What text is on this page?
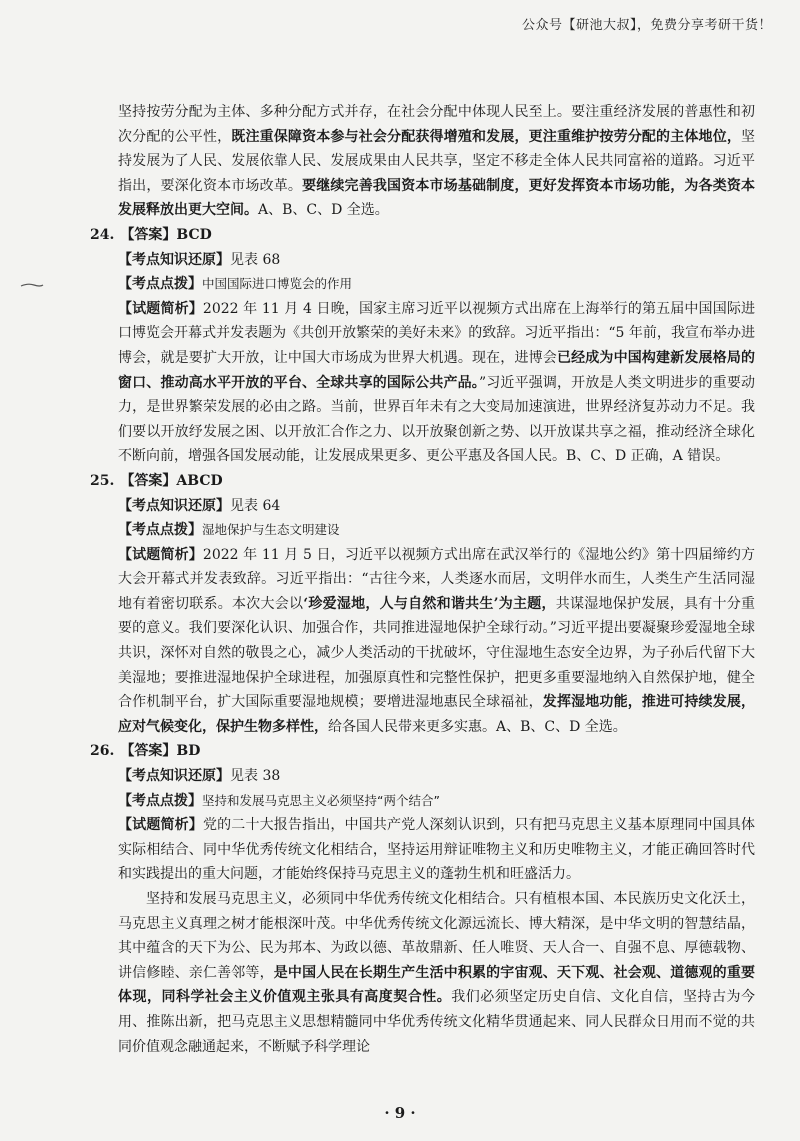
公众号【研池大叔】，免费分享考研干货！

坚持按劳分配为主体、多种分配方式并存，在社会分配中体现人民至上。要注重经济发展的普惠性和初次分配的公平性，既注重保障资本参与社会分配获得增殖和发展，更注重维护按劳分配的主体地位，坚持发展为了人民、发展依靠人民、发展成果由人民共享，坚定不移走全体人民共同富裕的道路。习近平指出，要深化资本市场改革。要继续完善我国资本市场基础制度，更好发挥资本市场功能，为各类资本发展释放出更大空间。A、B、C、D 全选。

24. 【答案】BCD

【考点知识还原】见表 68

【考点点拨】中国国际进口博览会的作用

【试题简析】2022 年 11 月 4 日晚，国家主席习近平以视频方式出席在上海举行的第五届中国国际进口博览会开幕式并发表题为《共创开放繁荣的美好未来》的致辞。习近平指出：“5 年前，我宣布举办进博会，就是要扩大开放，让中国大市场成为世界大机遇。现在，进博会已经成为中国构建新发展格局的窗口、推动高水平开放的平台、全球共享的国际公共产品。”习近平强调，开放是人类文明进步的重要动力，是世界繁荣发展的必由之路。当前，世界百年未有之大变局加速演进，世界经济复苏动力不足。我们要以开放纾发展之困、以开放汇合作之力、以开放聚创新之势、以开放谋共享之福，推动经济全球化不断向前，增强各国发展动能，让发展成果更多、更公平惠及各国人民。B、C、D 正确，A 错误。

25. 【答案】ABCD

【考点知识还原】见表 64

【考点点拨】湿地保护与生态文明建设

【试题简析】2022 年 11 月 5 日，习近平以视频方式出席在武汉举行的《湿地公约》第十四届缔约方大会开幕式并发表致辞。习近平指出：“古往今来，人类逐水而居，文明伴水而生，人类生产生活同湿地有着密切联系。本次大会以‘珍爱湿地，人与自然和谐共生’为主题，共谋湿地保护发展，具有十分重要的意义。我们要深化认识、加强合作，共同推进湿地保护全球行动。”习近平提出要凝聚珍爱湿地全球共识，深怀对自然的敬畏之心，减少人类活动的干扰破坏，守住湿地生态安全边界，为子孙后代留下大美湿地；要推进湿地保护全球进程，加强原真性和完整性保护，把更多重要湿地纳入自然保护地，健全合作机制平台，扩大国际重要湿地规模；要增进湿地惠民全球福祉，发挥湿地功能，推进可持续发展，应对气候变化，保护生物多样性，给各国人民带来更多实惠。A、B、C、D 全选。

26. 【答案】BD

【考点知识还原】见表 38

【考点点拨】坚持和发展马克思主义必须坚持“两个结合”

【试题简析】党的二十大报告指出，中国共产党人深刻认识到，只有把马克思主义基本原理同中国具体实际相结合、同中华优秀传统文化相结合，坚持运用辩证唯物主义和历史唯物主义，才能正确回答时代和实践提出的重大问题，才能始终保持马克思主义的蓬勃生机和旺盛活力。

坚持和发展马克思主义，必须同中华优秀传统文化相结合。只有植根本国、本民族历史文化沃土，马克思主义真理之树才能根深叶茂。中华优秀传统文化源远流长、博大精深，是中华文明的智慧结晶，其中蕴含的天下为公、民为邦本、为政以德、革故鼎新、任人唯贤、天人合一、自强不息、厚德载物、讲信修睦、亲仁善邻等，是中国人民在长期生产生活中积累的宇宙观、天下观、社会观、道德观的重要体现，同科学社会主义价值观主张具有高度契合性。我们必须坚定历史自信、文化自信，坚持古为今用、推陈出新，把马克思主义思想精髓同中华优秀传统文化精华贯通起来、同人民群众日用而不觉的共同价值观念融通起来，不断赋予科学理论

· 9 ·
